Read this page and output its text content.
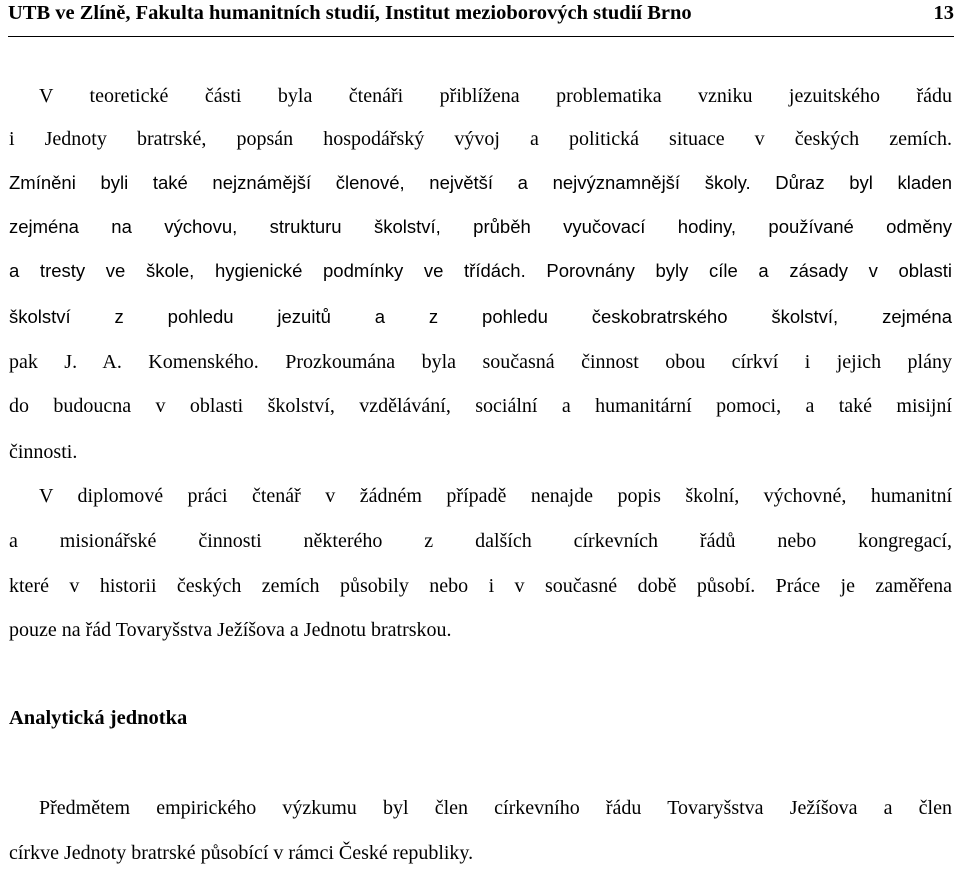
UTB ve Zlíně, Fakulta humanitních studií, Institut mezioborových studií Brno	13
V teoretické části byla čtenáři přiblížena problematika vzniku jezuitského řádu
i Jednoty bratrské, popsán hospodářský vývoj a politická situace v českých zemích.
Zmíněni byli také nejznámější členové, největší a nejvýznamnější školy. Důraz byl kladen
zejména na výchovu, strukturu školství, průběh vyučovací hodiny, používané odměny
a tresty ve škole, hygienické podmínky ve třídách. Porovnány byly cíle a zásady v oblasti
školství z pohledu jezuitů a z pohledu českobratrského školství, zejména
pak J. A. Komenského. Prozkoumána byla současná činnost obou církví i jejich plány
do budoucna v oblasti školství, vzdělávání, sociální a humanitární pomoci, a také misijní
činnosti.
V diplomové práci čtenář v žádném případě nenajde popis školní, výchovné, humanitní
a misionářské činnosti některého z dalších církevních řádů nebo kongregací,
které v historii českých zemích působily nebo i v současné době působí. Práce je zaměřena
pouze na řád Tovaryšstva Ježíšova a Jednotu bratrskou.
Analytická jednotka
Předmětem empirického výzkumu byl člen církevního řádu Tovaryšstva Ježíšova a člen
církve Jednoty bratrské působící v rámci České republiky.
